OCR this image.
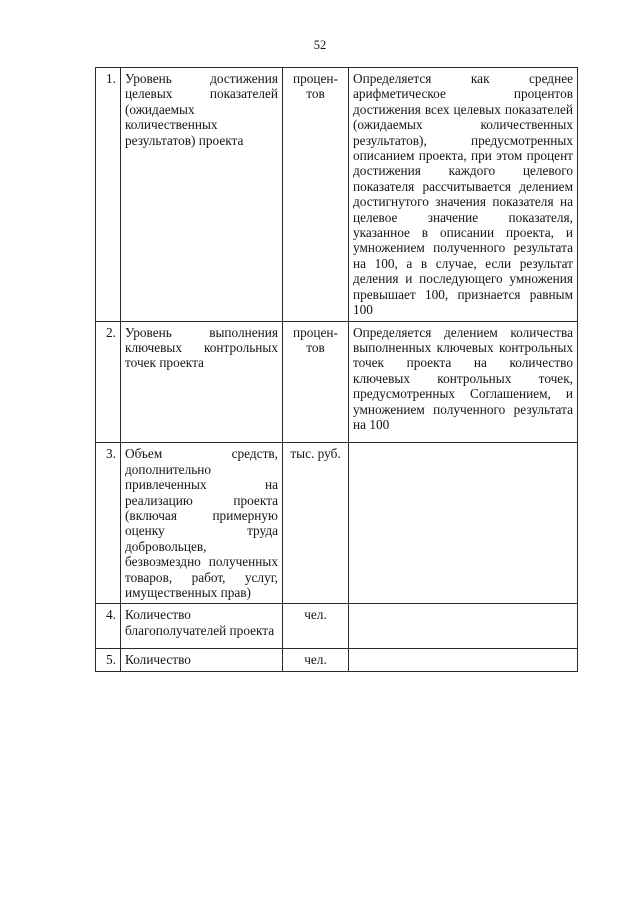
52
1.	Уровень достижения целевых показателей (ожидаемых количественных результатов) проекта	процен-тов	Определяется как среднее арифметическое процентов достижения всех целевых показателей (ожидаемых количественных результатов), предусмотренных описанием проекта, при этом процент достижения каждого целевого показателя рассчитывается делением достигнутого значения показателя на целевое значение показателя, указанное в описании проекта, и умножением полученного результата на 100, а в случае, если результат деления и последующего умножения превышает 100, признается равным 100
2.	Уровень выполнения ключевых контрольных точек проекта	процен-тов	Определяется делением количества выполненных ключевых контрольных точек проекта на количество ключевых контрольных точек, предусмотренных Соглашением, и умножением полученного результата на 100
3.	Объем средств, дополнительно привлеченных на реализацию проекта (включая примерную оценку труда добровольцев, безвозмездно полученных товаров, работ, услуг, имущественных прав)	тыс. руб.	
4.	Количество благополучателей проекта	чел.	
5.	Количество	чел.	
